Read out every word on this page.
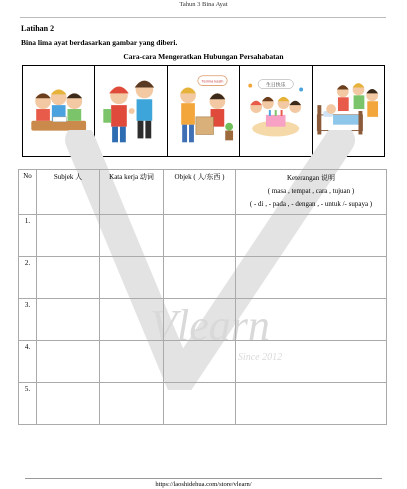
Tahun 3 Bina Ayat
Latihan 2
Bina lima ayat berdasarkan gambar yang diberi.
Cara-cara Mengeratkan Hubungan Persahabatan
Terima kasih
生日快乐
Vlearn
Since 2012
No	Subjek 人	Kata kerja 动词	Objek ( 人/东西 )	Keterangan 说明
( masa , tempat , cara , tujuan )
( - di , - pada , - dengan , - untuk /- supaya )

1.				
2.				
3.				
4.				
5.				
https://laoshidehua.com/store/vlearn/
